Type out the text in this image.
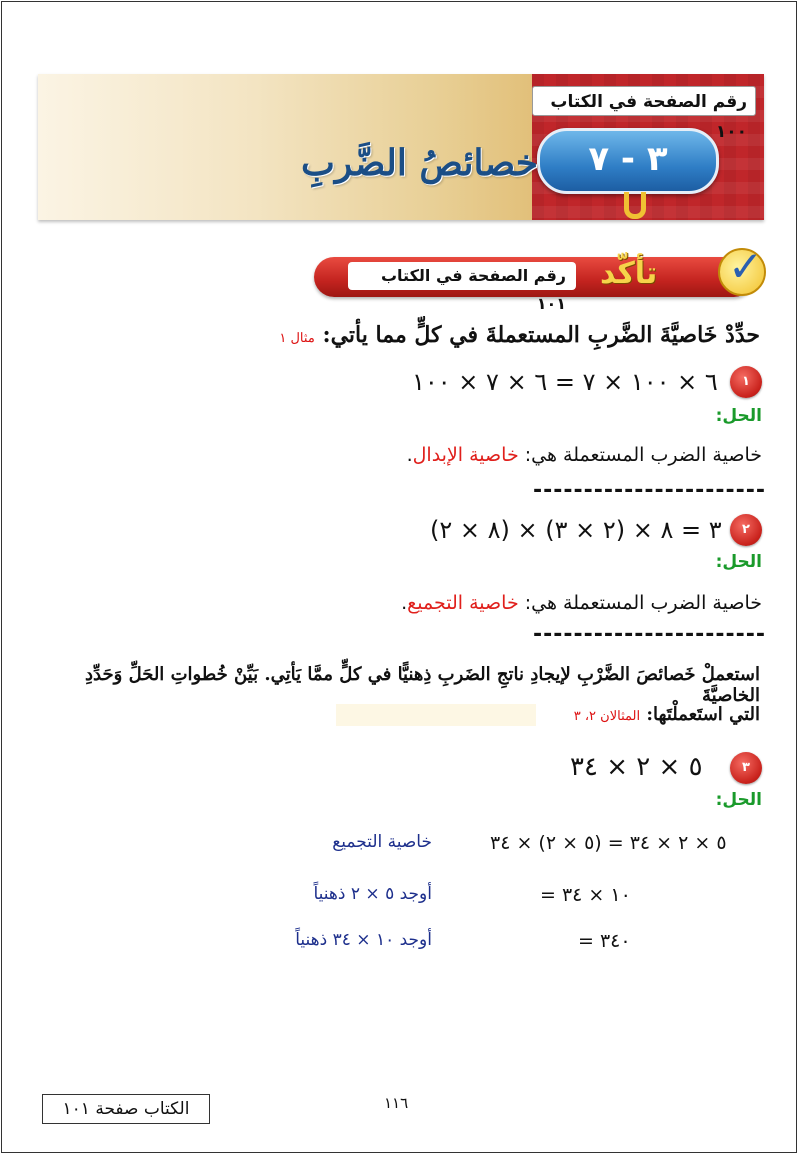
رقم الصفحة في الكتاب ١٠٠
٣ - ٧
خصائصُ الضَّربِ
رقم الصفحة في الكتاب ١٠١
تأكّد ✓
حدِّدْ خَاصيَّةَ الضَّربِ المستعملةَ في كلٍّ مما يأتي: مثال ١
١
٦ × ١٠٠ × ٧ = ٦ × ٧ × ١٠٠
الحل:
خاصية الضرب المستعملة هي: خاصية الإبدال.
-----------------------
٢
(٨ × ٢) × ٣ = ٨ × (٢ × ٣)
الحل:
خاصية الضرب المستعملة هي: خاصية التجميع.
-----------------------
استعملْ خَصائصَ الضَّرْبِ لإيجادِ ناتجِ الضَربِ ذِهنيًّا في كلٍّ ممَّا يَأتِي. بَيِّنْ خُطواتِ الحَلِّ وَحَدِّدِ الخاصيَّةَ
التي استَعملْتَها: المثالان ٢، ٣
٣
٥ × ٢ × ٣٤
الحل:
٥ × ٢ × ٣٤ = (٥ × ٢) × ٣٤
خاصية التجميع
= ١٠ × ٣٤
أوجد ٥ × ٢ ذهنياً
= ٣٤٠
أوجد ١٠ × ٣٤ ذهنياً
الكتاب صفحة ١٠١	١١٦
